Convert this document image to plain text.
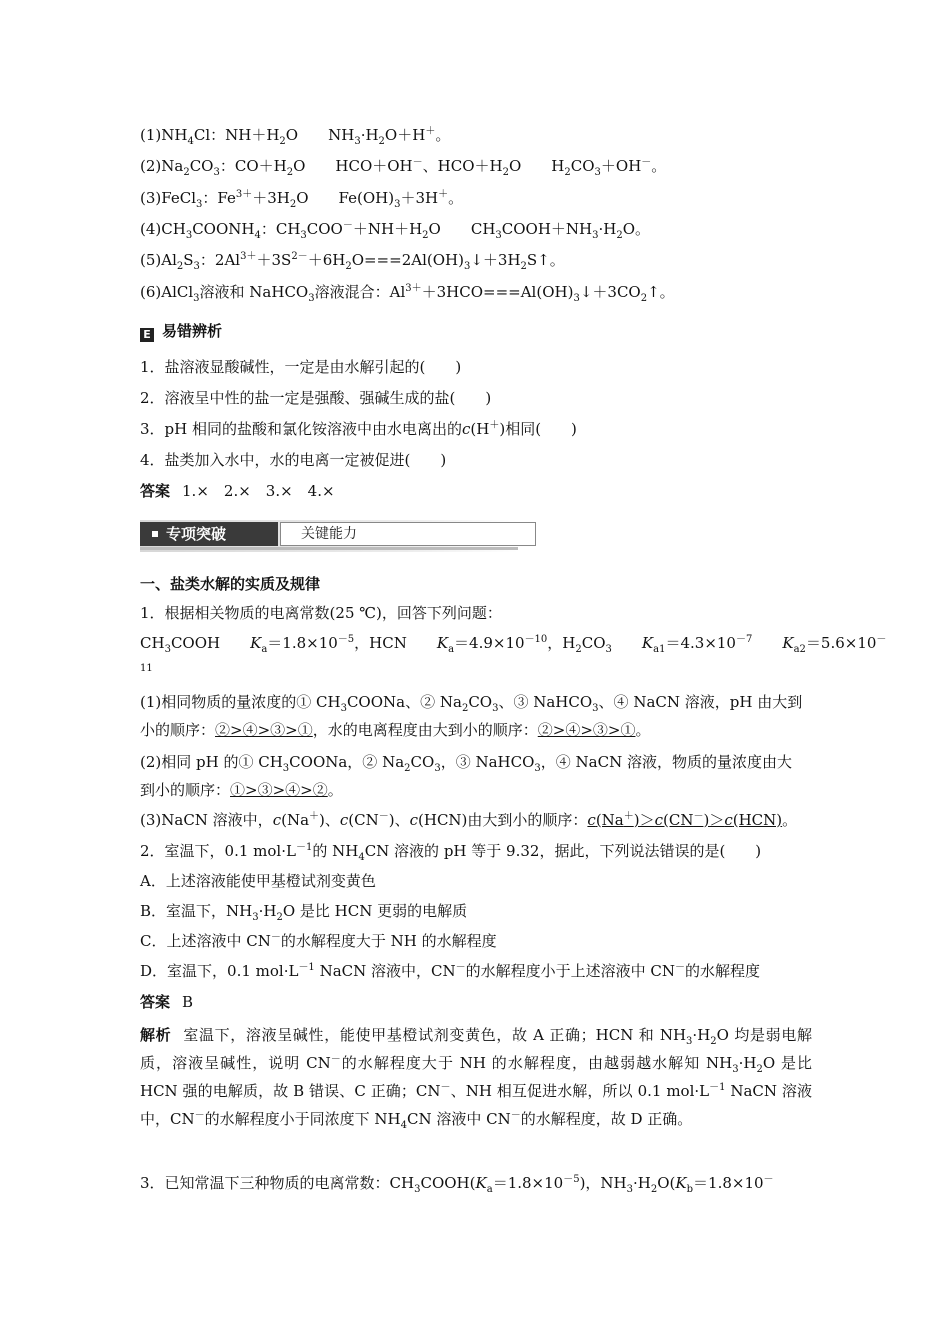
$(1)NH_4Cl$：$NH+H_2O$ $NH_3\cdot H_2O+H^+$。
$(2)Na_2CO_3$：$CO+H_2O$ HCO＋OH－、$HCO+H_2O$ $H_2CO_3+OH^-$。
(3)FeCl$_3$：$Fe^{3+}+3H_2O$ $Fe(OH)_3+3H^+$。
$(4)CH_3COONH_4$：$CH_3COO^-+NH+H_2O$ $CH_3COOH+NH_3\cdot H_2O$。
$(5)Al_2S_3$：$2Al^{3+}+3S^{2-}+6H_2O===2Al(OH)_3↓+3H_2S↑$。
(6)AlCl$_3$溶液和 NaHCO$_3$溶液混合：$Al^{3+}+3HCO===Al(OH)_3↓+3CO_2↑$。
E 易错辨析
1．盐溶液显酸碱性，一定是由水解引起的(　　)
2．溶液呈中性的盐一定是强酸、强碱生成的盐(　　)
3．pH 相同的盐酸和氯化铵溶液中由水电离出的c(H＋)相同(　　)
4．盐类加入水中，水的电离一定被促进(　　)
答案 1.×　2.×　3.×　4.×
专项突破	关键能力
一、盐类水解的实质及规律
1．根据相关物质的电离常数(25 ℃)，回答下列问题：
$CH_3COOH$ $K_a=1.8\times 10^{-5}$，HCN $K_a=4.9\times 10^{-10}$，$H_2CO_3$ $K_{a1}=4.3\times 10^{-7}$ $K_{a2}=5.6\times 10^-$
11
(1)相同物质的量浓度的① $CH_3COONa$、② $Na_2CO_3$、③ NaHCO$_3$、④ NaCN 溶液，pH 由大到
小的顺序：②>④>③>①，水的电离程度由大到小的顺序：②>④>③>①。
(2)相同 pH 的① $CH_3COONa$，② $Na_2CO_3$，③ NaHCO$_3$，④ NaCN 溶液，物质的量浓度由大
到小的顺序：①>③>④>②。
(3)NaCN 溶液中，c(Na＋)、c(CN－)、c(HCN)由大到小的顺序：c(Na＋)＞c(CN－)＞c(HCN)。
2．室温下，0.1 $mol\cdot L^{-1}$的 $NH_4CN$ 溶液的 pH 等于 9.32，据此，下列说法错误的是(　　)
A．上述溶液能使甲基橙试剂变黄色
B．室温下，$NH_3\cdot H_2O$ 是比 HCN 更弱的电解质
C．上述溶液中 CN－的水解程度大于 NH 的水解程度
D．室温下，0.1 $mol\cdot L^{-1}$ NaCN 溶液中，CN－的水解程度小于上述溶液中 CN－的水解程度
答案 B
解析 室温下，溶液呈碱性，能使甲基橙试剂变黄色，故 A 正确；HCN 和 $NH_3\cdot H_2O$ 均是弱电解质，溶液呈碱性，说明 CN－的水解程度大于 NH 的水解程度，由越弱越水解知 $NH_3\cdot H_2O$ 是比 HCN 强的电解质，故 B 错误、C 正确；CN－、NH 相互促进水解，所以 0.1 $mol\cdot L^{-1}$ NaCN 溶液中，CN－的水解程度小于同浓度下 $NH_4CN$ 溶液中 CN－的水解程度，故 D 正确。
3．已知常温下三种物质的电离常数：$CH_3COOH(K_a=1.8\times 10^{-5})$，$NH_3\cdot H_2O(K_b=1.8\times 10^-$
